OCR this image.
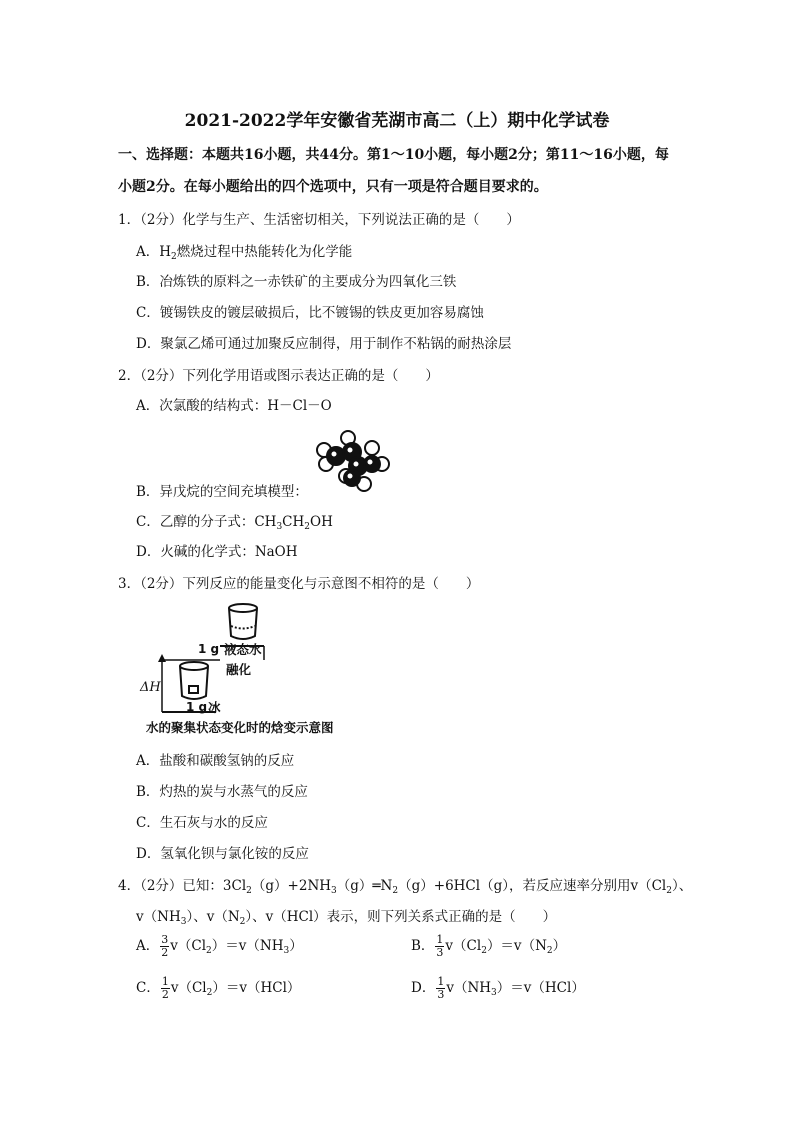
2021-2022学年安徽省芜湖市高二（上）期中化学试卷
一、选择题：本题共16小题，共44分。第1～10小题，每小题2分；第11～16小题，每
小题2分。在每小题给出的四个选项中，只有一项是符合题目要求的。
1．（2分）化学与生产、生活密切相关，下列说法正确的是（　　）
A．$H_2$燃烧过程中热能转化为化学能
B．冶炼铁的原料之一赤铁矿的主要成分为四氧化三铁
C．镀锡铁皮的镀层破损后，比不镀锡的铁皮更加容易腐蚀
D．聚氯乙烯可通过加聚反应制得，用于制作不粘锅的耐热涂层
2．（2分）下列化学用语或图示表达正确的是（　　）
A．次氯酸的结构式：H－Cl－O
B．异戊烷的空间充填模型：
C．乙醇的分子式：$CH_3CH_2OH$
D．火碱的化学式：NaOH
3．（2分）下列反应的能量变化与示意图不相符的是（　　）
1 g 液态水
融化
ΔH
1 g 冰
水的聚集状态变化时的焓变示意图
A．盐酸和碳酸氢钠的反应
B．灼热的炭与水蒸气的反应
C．生石灰与水的反应
D．氢氧化钡与氯化铵的反应
4．（2分）已知：$3Cl_2(g)+2NH_3(g)═N_2(g)+6HCl(g)$，若反应速率分别用$v(Cl_2)$、
$v(NH_3)$、$v(N_2)$、v（HCl）表示，则下列关系式正确的是（　　）
A． $\frac{3}{2} v(Cl_2)=v(NH_3)$	B． $\frac{1}{3} v(Cl_2)=v(N_2)$
C． $\frac{1}{2} v(Cl_2)=v(HCl)$	D． $\frac{1}{3} v(NH_3)=v(HCl)$
